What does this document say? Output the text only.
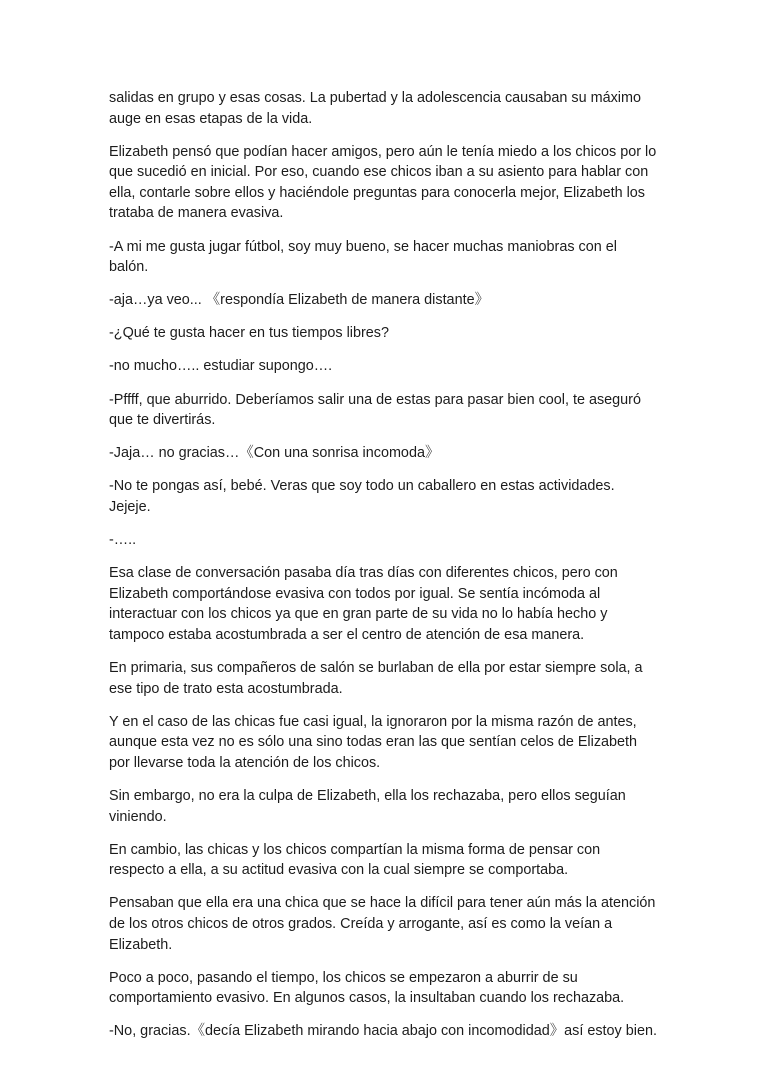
salidas en grupo y esas cosas. La pubertad y la adolescencia causaban su máximo auge en esas etapas de la vida.

Elizabeth pensó que podían hacer amigos, pero aún le tenía miedo a los chicos por lo que sucedió en inicial. Por eso, cuando ese chicos iban a su asiento para hablar con ella, contarle sobre ellos y haciéndole preguntas para conocerla mejor, Elizabeth los trataba de manera evasiva.

-A mi me gusta jugar fútbol, soy muy bueno, se hacer muchas maniobras con el balón.

-aja…ya veo... 《respondía Elizabeth de manera distante》

-¿Qué te gusta hacer en tus tiempos libres?

-no mucho….. estudiar supongo….

-Pffff, que aburrido. Deberíamos salir una de estas para pasar bien cool, te aseguró que te divertirás.

-Jaja… no gracias…《Con una sonrisa incomoda》

-No te pongas así, bebé. Veras que soy todo un caballero en estas actividades. Jejeje.

-…..

Esa clase de conversación pasaba día tras días con diferentes chicos, pero con Elizabeth comportándose evasiva con todos por igual. Se sentía incómoda al interactuar con los chicos ya que en gran parte de su vida no lo había hecho y tampoco estaba acostumbrada a ser el centro de atención de esa manera.

En primaria, sus compañeros de salón se burlaban de ella por estar siempre sola, a ese tipo de trato esta acostumbrada.

Y en el caso de las chicas fue casi igual, la ignoraron por la misma razón de antes, aunque esta vez no es sólo una sino todas eran las que sentían celos de Elizabeth por llevarse toda la atención de los chicos.

Sin embargo, no era la culpa de Elizabeth, ella los rechazaba, pero ellos seguían viniendo.

En cambio, las chicas y los chicos compartían la misma forma de pensar con respecto a ella, a su actitud evasiva con la cual siempre se comportaba.

Pensaban que ella era una chica que se hace la difícil para tener aún más la atención de los otros chicos de otros grados. Creída y arrogante, así es como la veían a Elizabeth.

Poco a poco, pasando el tiempo, los chicos se empezaron a aburrir de su comportamiento evasivo. En algunos casos, la insultaban cuando los rechazaba.

-No, gracias.《decía Elizabeth mirando hacia abajo con incomodidad》así estoy bien.
